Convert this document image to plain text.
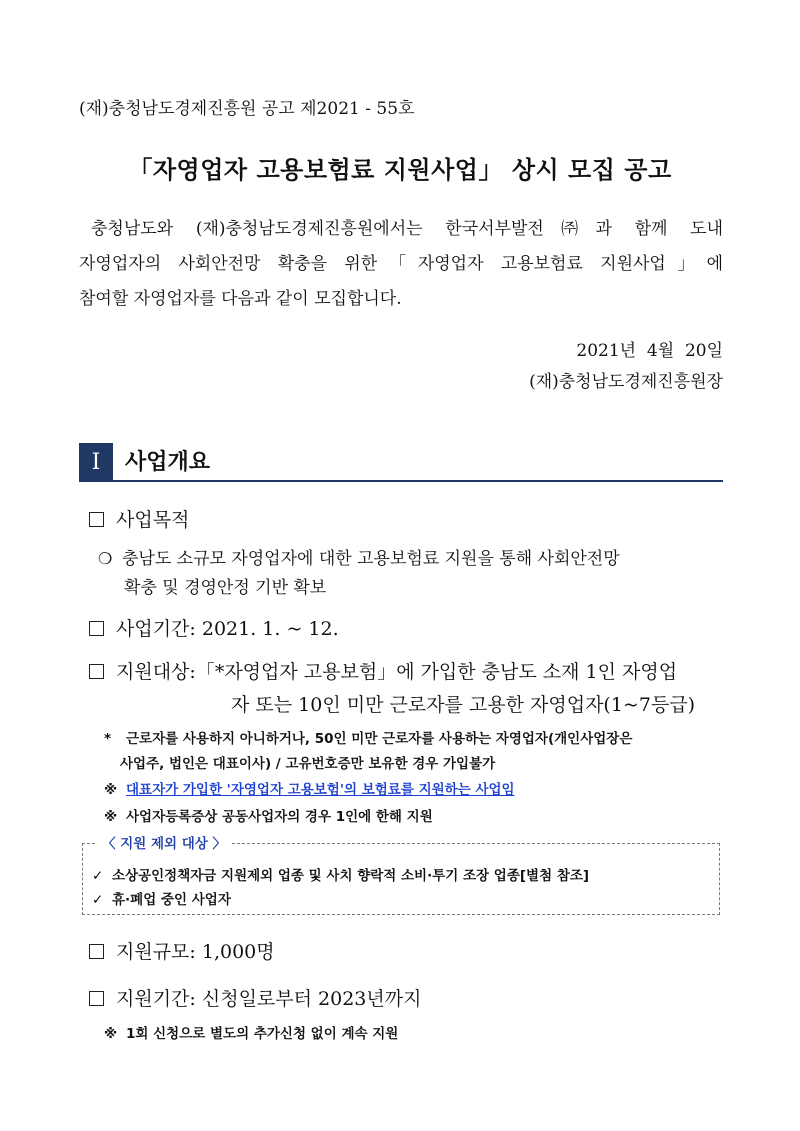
(재)충청남도경제진흥원 공고 제2021 - 55호
「자영업자 고용보험료 지원사업」 상시 모집 공고
충청남도와 (재)충청남도경제진흥원에서는 한국서부발전㈜과 함께 도내
자영업자의 사회안전망 확충을 위한「자영업자 고용보험료 지원사업」에
참여할 자영업자를 다음과 같이 모집합니다.
2021년  4월  20일
(재)충청남도경제진흥원장
I	사업개요
사업목적
❍ 충남도 소규모 자영업자에 대한 고용보험료 지원을 통해 사회안전망
확충 및 경영안정 기반 확보
사업기간: 2021. 1. ~ 12.
지원대상:「*자영업자 고용보험」에 가입한 충남도 소재 1인 자영업
자 또는 10인 미만 근로자를 고용한 자영업자(1~7등급)
* 근로자를 사용하지 아니하거나, 50인 미만 근로자를 사용하는 자영업자(개인사업장은
사업주, 법인은 대표이사) / 고유번호증만 보유한 경우 가입불가
※ 대표자가 가입한 '자영업자 고용보험'의 보험료를 지원하는 사업임
※ 사업자등록증상 공동사업자의 경우 1인에 한해 지원
〈 지원 제외 대상 〉
✓ 소상공인정책자금 지원제외 업종 및 사치 향락적 소비·투기 조장 업종[별첨 참조]
✓ 휴·폐업 중인 사업자
지원규모: 1,000명
지원기간: 신청일로부터 2023년까지
※ 1회 신청으로 별도의 추가신청 없이 계속 지원
